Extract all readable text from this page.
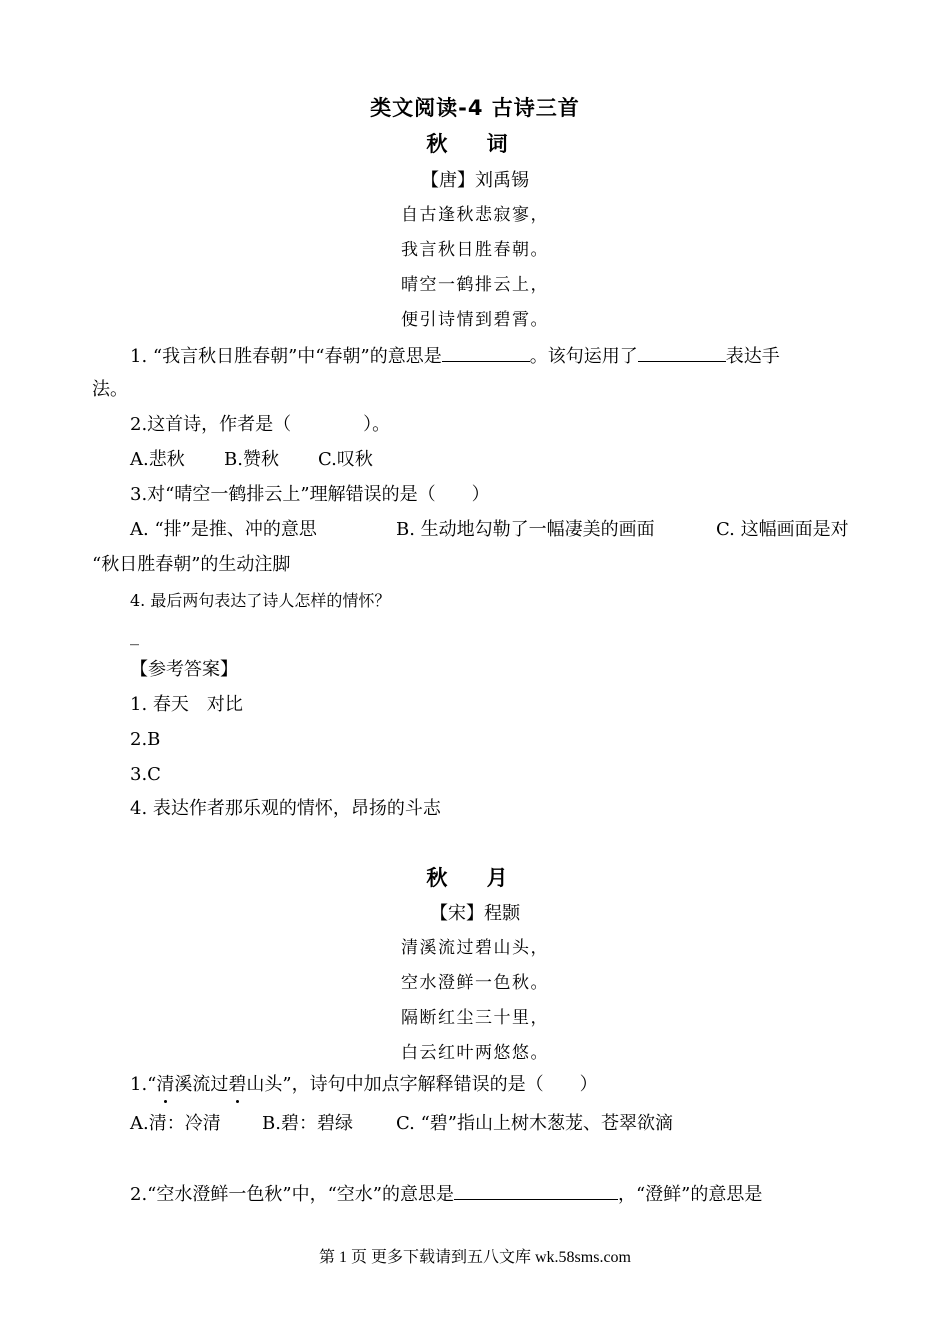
类文阅读-4 古诗三首
秋 词
【唐】刘禹锡
自古逢秋悲寂寥，
我言秋日胜春朝。
晴空一鹤排云上，
便引诗情到碧霄。
1. “我言秋日胜春朝”中“春朝”的意思是	。该句运用了	表达手
法。
2.这首诗，作者是（　　　　）。
A.悲秋 B.赞秋 C.叹秋
3.对“晴空一鹤排云上”理解错误的是（　　）
A. “排”是推、冲的意思	B. 生动地勾勒了一幅凄美的画面	C. 这幅画面是对
“秋日胜春朝”的生动注脚
4. 最后两句表达了诗人怎样的情怀？
_
【参考答案】
1. 春天　对比
2.B
3.C
4. 表达作者那乐观的情怀，昂扬的斗志
秋 月
【宋】程颢
清溪流过碧山头，
空水澄鲜一色秋。
隔断红尘三十里，
白云红叶两悠悠。
1.“清溪流过碧山头”，诗句中加点字解释错误的是（　　）
A.清：冷清 B.碧：碧绿 C. “碧”指山上树木葱茏、苍翠欲滴
2.“空水澄鲜一色秋”中，“空水”的意思是	，“澄鲜”的意思是
第 1 页 更多下载请到五八文库 wk.58sms.com
